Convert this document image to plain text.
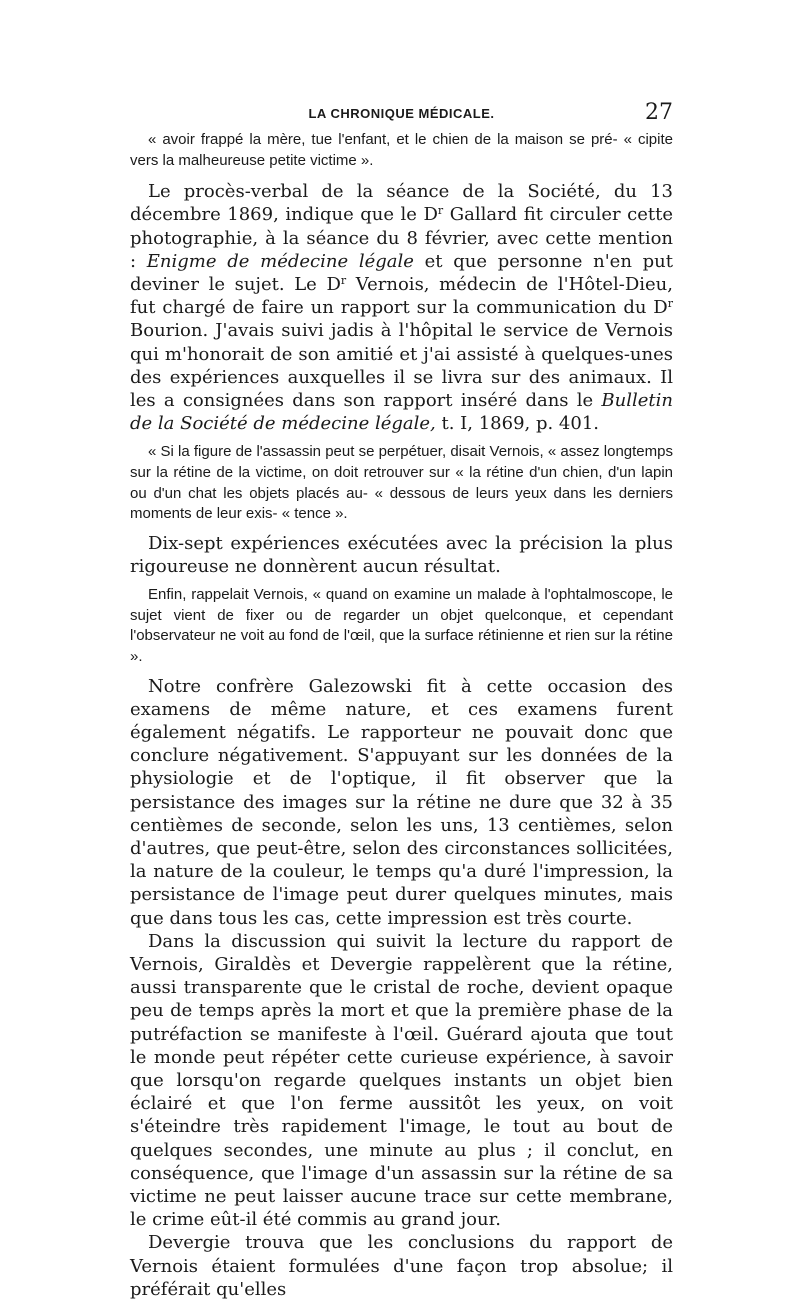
LA CHRONIQUE MÉDICALE.	27

« avoir frappé la mère, tue l'enfant, et le chien de la maison se pré- « cipite vers la malheureuse petite victime ».

Le procès-verbal de la séance de la Société, du 13 décembre 1869, indique que le $D^r$ Gallard fit circuler cette photographie, à la séance du 8 février, avec cette mention : Enigme de médecine légale et que personne n'en put deviner le sujet. Le $D^r$ Vernois, médecin de l'Hôtel-Dieu, fut chargé de faire un rapport sur la communication du $D^r$ Bourion. J'avais suivi jadis à l'hôpital le service de Vernois qui m'honorait de son amitié et j'ai assisté à quelques-unes des expériences auxquelles il se livra sur des animaux. Il les a consignées dans son rapport inséré dans le Bulletin de la Société de médecine légale, t. I, 1869, p. 401.

« Si la figure de l'assassin peut se perpétuer, disait Vernois, « assez longtemps sur la rétine de la victime, on doit retrouver sur « la rétine d'un chien, d'un lapin ou d'un chat les objets placés au- « dessous de leurs yeux dans les derniers moments de leur exis- « tence ».

Dix-sept expériences exécutées avec la précision la plus rigoureuse ne donnèrent aucun résultat.

Enfin, rappelait Vernois, « quand on examine un malade à l'ophtalmoscope, le sujet vient de fixer ou de regarder un objet quelconque, et cependant l'observateur ne voit au fond de l'œil, que la surface rétinienne et rien sur la rétine ».

Notre confrère Galezowski fit à cette occasion des examens de même nature, et ces examens furent également négatifs. Le rapporteur ne pouvait donc que conclure négativement. S'appuyant sur les données de la physiologie et de l'optique, il fit observer que la persistance des images sur la rétine ne dure que 32 à 35 centièmes de seconde, selon les uns, 13 centièmes, selon d'autres, que peut-être, selon des circonstances sollicitées, la nature de la couleur, le temps qu'a duré l'impression, la persistance de l'image peut durer quelques minutes, mais que dans tous les cas, cette impression est très courte.

Dans la discussion qui suivit la lecture du rapport de Vernois, Giraldès et Devergie rappelèrent que la rétine, aussi transparente que le cristal de roche, devient opaque peu de temps après la mort et que la première phase de la putréfaction se manifeste à l'œil. Guérard ajouta que tout le monde peut répéter cette curieuse expérience, à savoir que lorsqu'on regarde quelques instants un objet bien éclairé et que l'on ferme aussitôt les yeux, on voit s'éteindre très rapidement l'image, le tout au bout de quelques secondes, une minute au plus ; il conclut, en conséquence, que l'image d'un assassin sur la rétine de sa victime ne peut laisser aucune trace sur cette membrane, le crime eût-il été commis au grand jour.

Devergie trouva que les conclusions du rapport de Vernois étaient formulées d'une façon trop absolue; il préférait qu'elles
